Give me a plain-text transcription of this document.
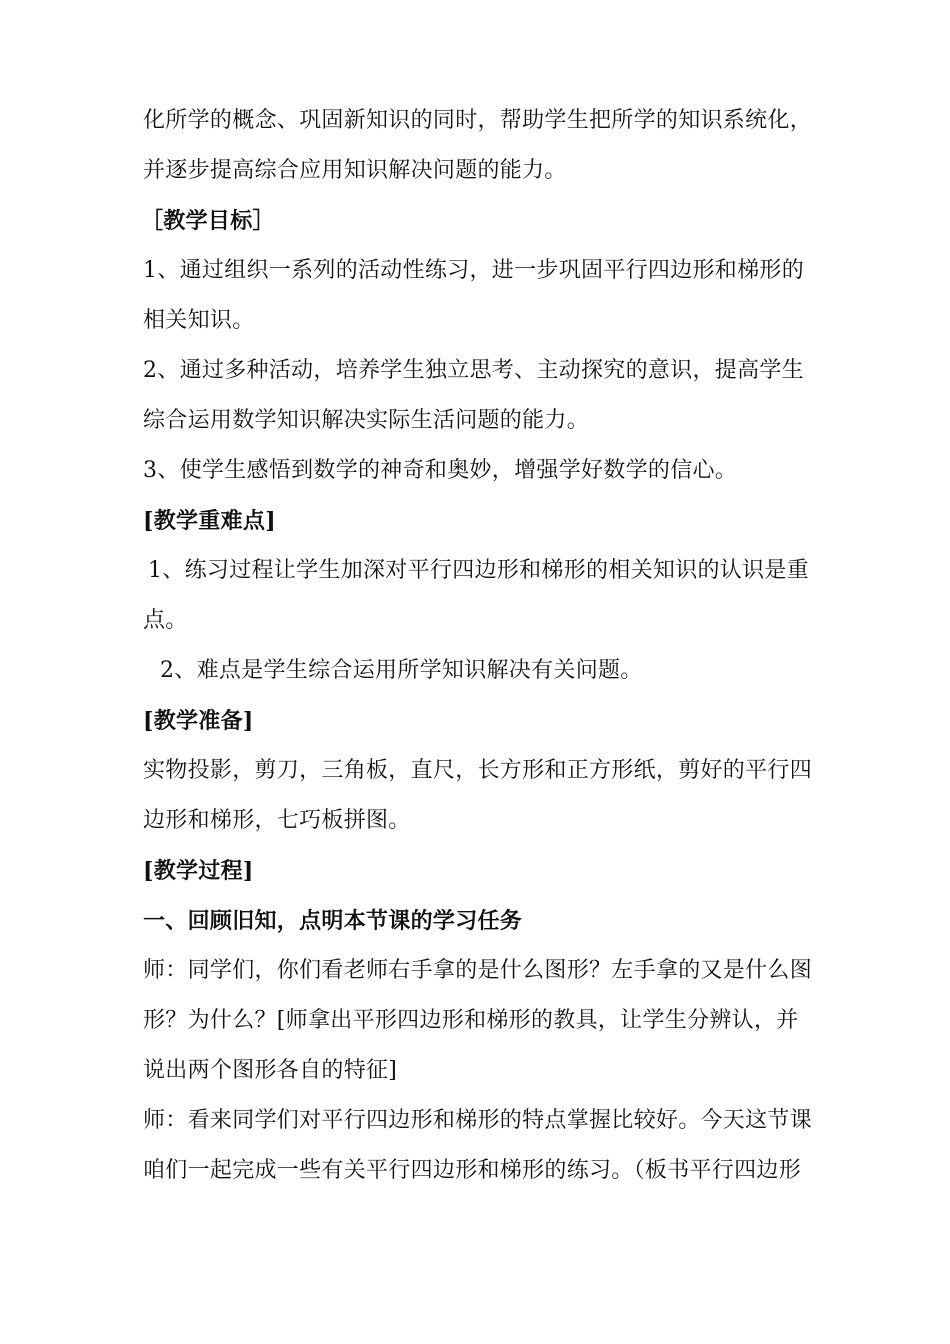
化所学的概念、巩固新知识的同时，帮助学生把所学的知识系统化，
并逐步提高综合应用知识解决问题的能力。
［教学目标］
1、通过组织一系列的活动性练习，进一步巩固平行四边形和梯形的
相关知识。
2、通过多种活动，培养学生独立思考、主动探究的意识，提高学生
综合运用数学知识解决实际生活问题的能力。
3、使学生感悟到数学的神奇和奥妙，增强学好数学的信心。
[教学重难点]
1、练习过程让学生加深对平行四边形和梯形的相关知识的认识是重
点。
2、难点是学生综合运用所学知识解决有关问题。
[教学准备]
实物投影，剪刀，三角板，直尺，长方形和正方形纸，剪好的平行四
边形和梯形，七巧板拼图。
[教学过程]
一、回顾旧知，点明本节课的学习任务
师：同学们，你们看老师右手拿的是什么图形？左手拿的又是什么图
形？为什么？[师拿出平形四边形和梯形的教具，让学生分辨认，并
说出两个图形各自的特征]
师：看来同学们对平行四边形和梯形的特点掌握比较好。今天这节课
咱们一起完成一些有关平行四边形和梯形的练习。（板书平行四边形
